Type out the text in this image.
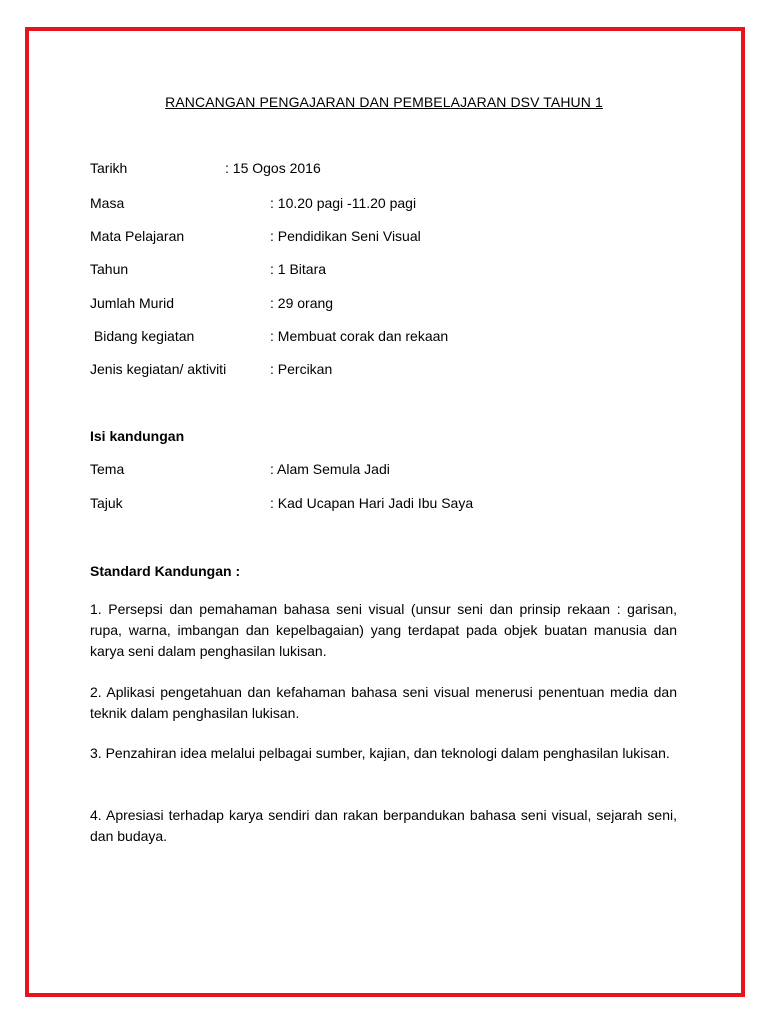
RANCANGAN PENGAJARAN DAN PEMBELAJARAN DSV TAHUN 1
Tarikh	: 15 Ogos 2016
Masa	: 10.20 pagi -11.20 pagi
Mata Pelajaran	: Pendidikan Seni Visual
Tahun	: 1 Bitara
Jumlah Murid	: 29 orang
Bidang kegiatan	: Membuat corak dan rekaan
Jenis kegiatan/ aktiviti	: Percikan
Isi kandungan
Tema	: Alam Semula Jadi
Tajuk	: Kad Ucapan Hari Jadi Ibu Saya
Standard Kandungan :
1. Persepsi dan pemahaman bahasa seni visual (unsur seni dan prinsip rekaan : garisan, rupa, warna, imbangan dan kepelbagaian) yang terdapat pada objek buatan manusia dan karya seni dalam penghasilan lukisan.
2. Aplikasi pengetahuan dan kefahaman bahasa seni visual menerusi penentuan media dan teknik dalam penghasilan lukisan.
3. Penzahiran idea melalui pelbagai sumber, kajian, dan teknologi dalam penghasilan lukisan.
4. Apresiasi terhadap karya sendiri dan rakan berpandukan bahasa seni visual, sejarah seni, dan budaya.
